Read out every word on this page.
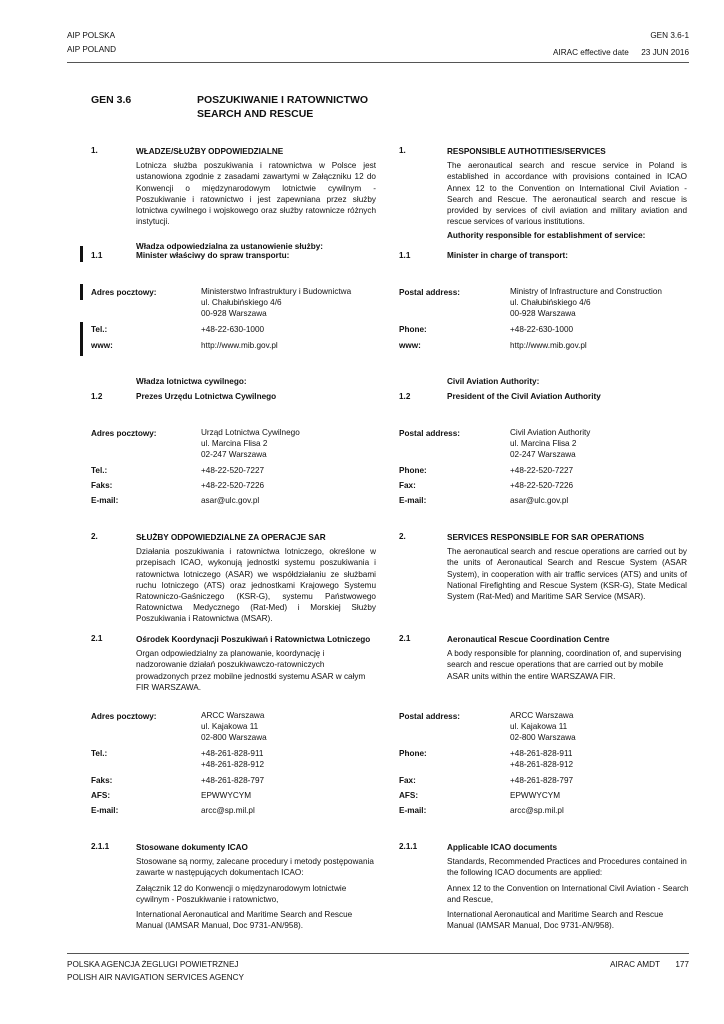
AIP POLSKA
AIP POLAND
GEN 3.6-1
AIRAC effective date 23 JUN 2016
GEN 3.6	POSZUKIWANIE I RATOWNICTWO
SEARCH AND RESCUE
1.	WŁADZE/SŁUŻBY ODPOWIEDZIALNE

Lotnicza służba poszukiwania i ratownictwa w Polsce jest ustanowiona zgodnie z zasadami zawartymi w Załączniku 12 do Konwencji o międzynarodowym lotnictwie cywilnym - Poszukiwanie i ratownictwo i jest zapewniana przez służby lotnictwa cywilnego i wojskowego oraz służby ratownicze różnych instytucji.

Władza odpowiedzialna za ustanowienie służby:

1.1	Minister właściwy do spraw transportu:
1.	RESPONSIBLE AUTHOTITIES/SERVICES

The aeronautical search and rescue service in Poland is established in accordance with provisions contained in ICAO Annex 12 to the Convention on International Civil Aviation - Search and Rescue. The aeronautical search and rescue is provided by services of civil aviation and military aviation and rescue services of various institutions.

Authority responsible for establishment of service:

1.1	Minister in charge of transport:
Adres pocztowy:	Ministerstwo Infrastruktury i Budownictwa
ul. Chałubińskiego 4/6
00-928 Warszawa
Postal address:	Ministry of Infrastructure and Construction
ul. Chałubińskiego 4/6
00-928 Warszawa
Tel.:	+48-22-630-1000	Phone:	+48-22-630-1000
www:	http://www.mib.gov.pl	www:	http://www.mib.gov.pl
Władza lotnictwa cywilnego:
1.2	Prezes Urzędu Lotnictwa Cywilnego
Civil Aviation Authority:
1.2	President of the Civil Aviation Authority
Adres pocztowy:	Urząd Lotnictwa Cywilnego
ul. Marcina Flisa 2
02-247 Warszawa
Postal address:	Civil Aviation Authority
ul. Marcina Flisa 2
02-247 Warszawa
Tel.:	+48-22-520-7227	Phone:	+48-22-520-7227
Faks:	+48-22-520-7226	Fax:	+48-22-520-7226
E-mail:	asar@ulc.gov.pl	E-mail:	asar@ulc.gov.pl
2.	SŁUŻBY ODPOWIEDZIALNE ZA OPERACJE SAR

Działania poszukiwania i ratownictwa lotniczego, określone w przepisach ICAO, wykonują jednostki systemu poszukiwania i ratownictwa lotniczego (ASAR) we współdziałaniu ze służbami ruchu lotniczego (ATS) oraz jednostkami Krajowego Systemu Ratowniczo-Gaśniczego (KSR-G), systemu Państwowego Ratownictwa Medycznego (Rat-Med) i Morskiej Służby Poszukiwania i Ratownictwa (MSAR).

2.1	Ośrodek Koordynacji Poszukiwań i Ratownictwa Lotniczego

Organ odpowiedzialny za planowanie, koordynację i nadzorowanie działań poszukiwawczo-ratowniczych prowadzonych przez mobilne jednostki systemu ASAR w całym FIR WARSZAWA.

2.	SERVICES RESPONSIBLE FOR SAR OPERATIONS

The aeronautical search and rescue operations are carried out by the units of Aeronautical Search and Rescue System (ASAR System), in cooperation with air traffic services (ATS) and units of National Firefighting and Rescue System (KSR-G), State Medical System (Rat-Med) and Maritime SAR Service (MSAR).

2.1	Aeronautical Rescue Coordination Centre

A body responsible for planning, coordination of, and supervising search and rescue operations that are carried out by mobile ASAR units within the entire WARSZAWA FIR.

Adres pocztowy:	ARCC Warszawa
ul. Kajakowa 11
02-800 Warszawa
Postal address:	ARCC Warszawa
ul. Kajakowa 11
02-800 Warszawa
Tel.:	+48-261-828-911
+48-261-828-912
Phone:	+48-261-828-911
+48-261-828-912
Faks:	+48-261-828-797	Fax:	+48-261-828-797
AFS:	EPWWYCYM	AFS:	EPWWYCYM
E-mail:	arcc@sp.mil.pl	E-mail:	arcc@sp.mil.pl
2.1.1	Stosowane dokumenty ICAO

Stosowane są normy, zalecane procedury i metody postępowania zawarte w następujących dokumentach ICAO:

Załącznik 12 do Konwencji o międzynarodowym lotnictwie cywilnym - Poszukiwanie i ratownictwo,

International Aeronautical and Maritime Search and Rescue Manual (IAMSAR Manual, Doc 9731-AN/958).

2.1.1	Applicable ICAO documents

Standards, Recommended Practices and Procedures contained in the following ICAO documents are applied:

Annex 12 to the Convention on International Civil Aviation - Search and Rescue,

International Aeronautical and Maritime Search and Rescue Manual (IAMSAR Manual, Doc 9731-AN/958).

POLSKA AGENCJA ŻEGLUGI POWIETRZNEJ
POLISH AIR NAVIGATION SERVICES AGENCY
AIRAC AMDT 177
